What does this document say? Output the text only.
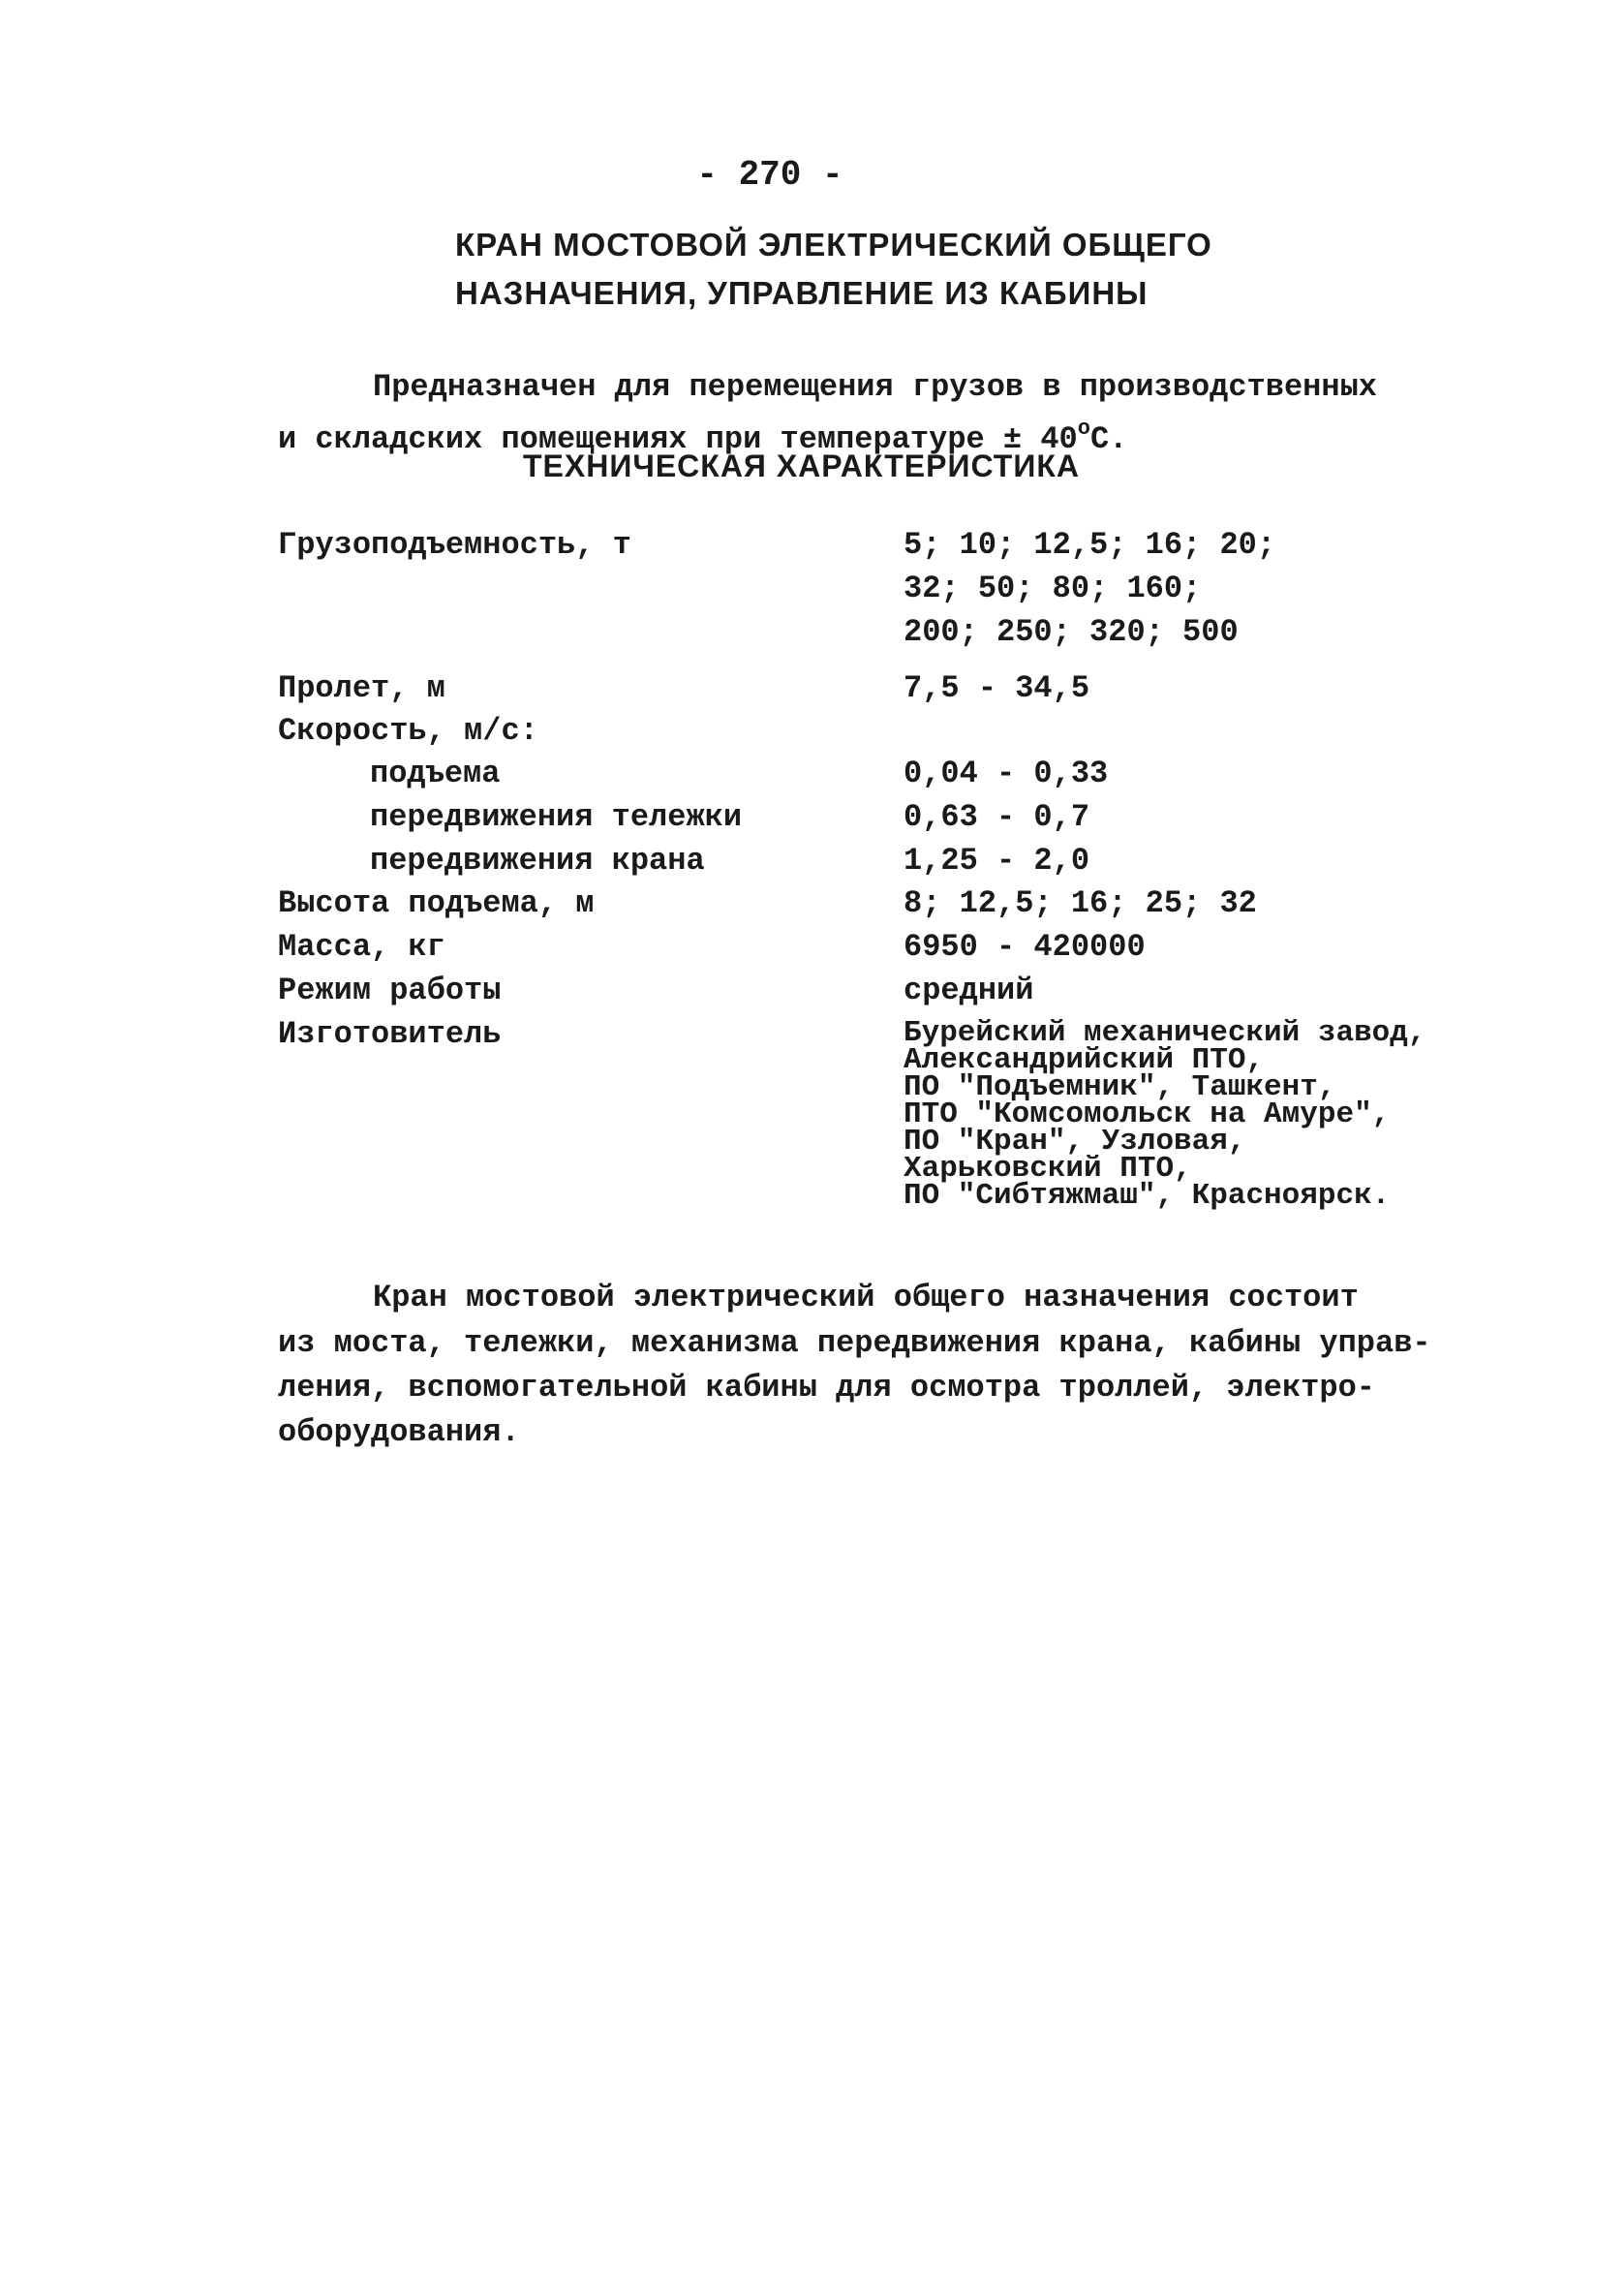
- 270 -
КРАН МОСТОВОЙ ЭЛЕКТРИЧЕСКИЙ ОБЩЕГО
НАЗНАЧЕНИЯ, УПРАВЛЕНИЕ ИЗ КАБИНЫ
Предназначен для перемещения грузов в производственных
и складских помещениях при температуре ± $40^оС$.
ТЕХНИЧЕСКАЯ ХАРАКТЕРИСТИКА
Грузоподъемность, т	5; 10; 12,5; 16; 20;
32; 50; 80; 160;
200; 250; 320; 500
Пролет, м	7,5 - 34,5
Скорость, м/с:
подъема	0,04 - 0,33
передвижения тележки	0,63 - 0,7
передвижения крана	1,25 - 2,0
Высота подъема, м	8; 12,5; 16; 25; 32
Масса, кг	6950 - 420000
Режим работы	средний
Изготовитель	Бурейский механический завод,
Александрийский ПТО,
ПО "Подъемник", Ташкент,
ПТО "Комсомольск на Амуре",
ПО "Кран", Узловая,
Харьковский ПТО,
ПО "Сибтяжмаш", Красноярск.
Кран мостовой электрический общего назначения состоит
из моста, тележки, механизма передвижения крана, кабины управ-
ления, вспомогательной кабины для осмотра троллей, электро-
оборудования.
